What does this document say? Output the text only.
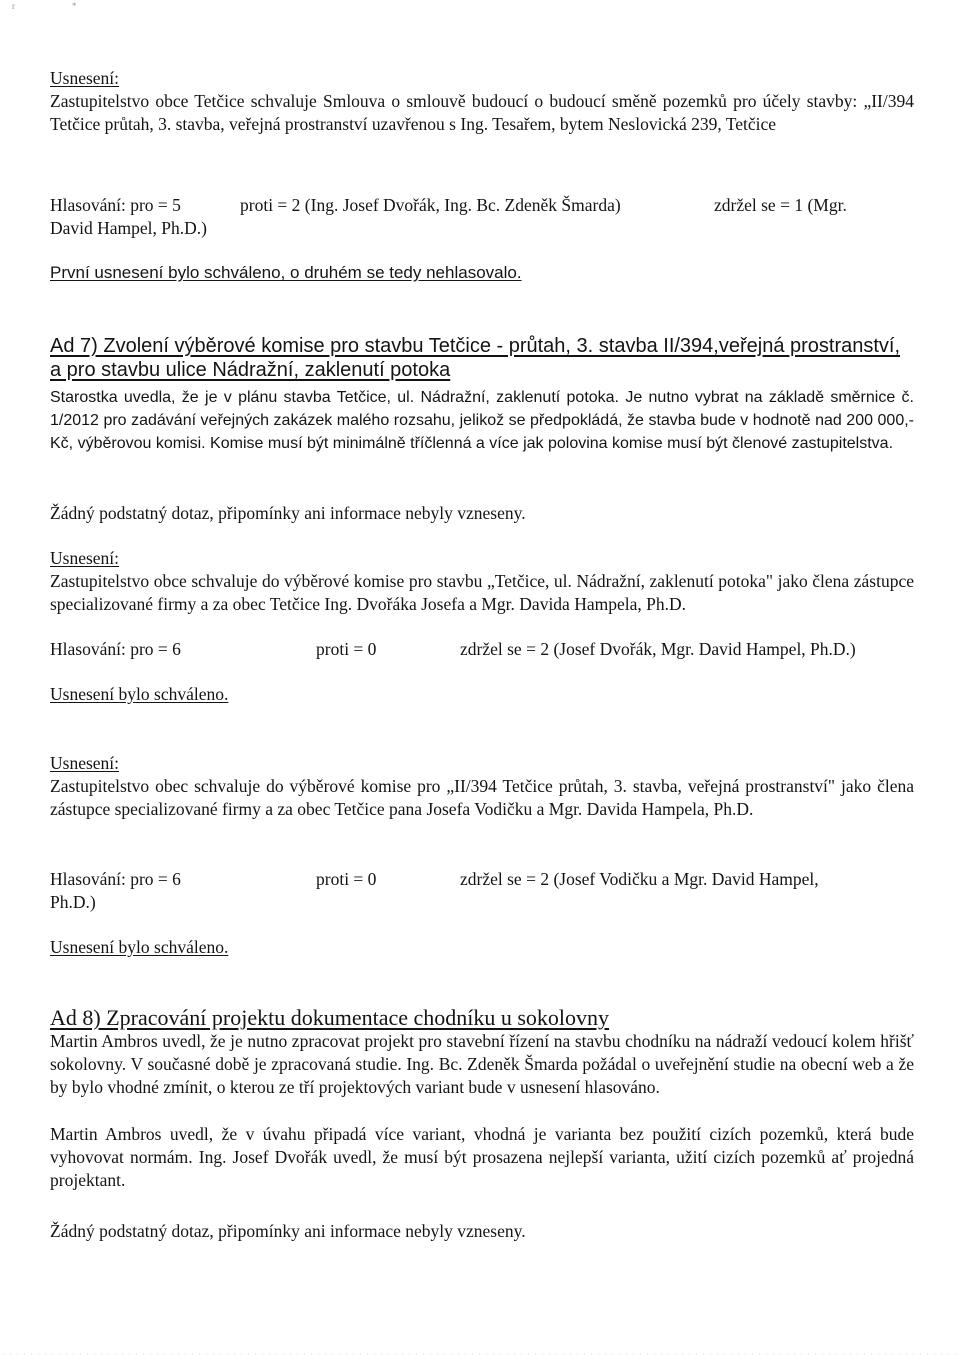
r	*

Usnesení:

Zastupitelstvo obce Tetčice schvaluje Smlouva o smlouvě budoucí o budoucí směně pozemků pro účely stavby: „II/394 Tetčice průtah, 3. stavba, veřejná prostranství uzavřenou s Ing. Tesařem, bytem Neslovická 239, Tetčice

Hlasování: pro = 5	proti = 2 (Ing. Josef Dvořák, Ing. Bc. Zdeněk Šmarda)	zdržel se = 1 (Mgr.

David Hampel, Ph.D.)

První usnesení bylo schváleno, o druhém se tedy nehlasovalo.

Ad 7) Zvolení výběrové komise pro stavbu Tetčice - průtah, 3. stavba II/394,veřejná prostranství, a pro stavbu ulice Nádražní, zaklenutí potoka

Starostka uvedla, že je v plánu stavba Tetčice, ul. Nádražní, zaklenutí potoka. Je nutno vybrat na základě směrnice č. 1/2012 pro zadávání veřejných zakázek malého rozsahu, jelikož se předpokládá, že stavba bude v hodnotě nad 200 000,- Kč, výběrovou komisi. Komise musí být minimálně tříčlenná a více jak polovina komise musí být členové zastupitelstva.

Žádný podstatný dotaz, připomínky ani informace nebyly vzneseny.

Usnesení:

Zastupitelstvo obce schvaluje do výběrové komise pro stavbu „Tetčice, ul. Nádražní, zaklenutí potoka" jako člena zástupce specializované firmy a za obec Tetčice Ing. Dvořáka Josefa a Mgr. Davida Hampela, Ph.D.

Hlasování: pro = 6	proti = 0	zdržel se = 2 (Josef Dvořák, Mgr. David Hampel, Ph.D.)

Usnesení bylo schváleno.

Usnesení:

Zastupitelstvo obec schvaluje do výběrové komise pro „II/394 Tetčice průtah, 3. stavba, veřejná prostranství" jako člena zástupce specializované firmy a za obec Tetčice pana Josefa Vodičku a Mgr. Davida Hampela, Ph.D.

Hlasování: pro = 6	proti = 0	zdržel se = 2 (Josef Vodičku a Mgr. David Hampel,

Ph.D.)

Usnesení bylo schváleno.

Ad 8) Zpracování projektu dokumentace chodníku u sokolovny

Martin Ambros uvedl, že je nutno zpracovat projekt pro stavební řízení na stavbu chodníku na nádraží vedoucí kolem hřišť sokolovny. V současné době je zpracovaná studie. Ing. Bc. Zdeněk Šmarda požádal o uveřejnění studie na obecní web a že by bylo vhodné zmínit, o kterou ze tří projektových variant bude v usnesení hlasováno.

Martin Ambros uvedl, že v úvahu připadá více variant, vhodná je varianta bez použití cizích pozemků, která bude vyhovovat normám. Ing. Josef Dvořák uvedl, že musí být prosazena nejlepší varianta, užití cizích pozemků ať projedná projektant.

Žádný podstatný dotaz, připomínky ani informace nebyly vzneseny.
